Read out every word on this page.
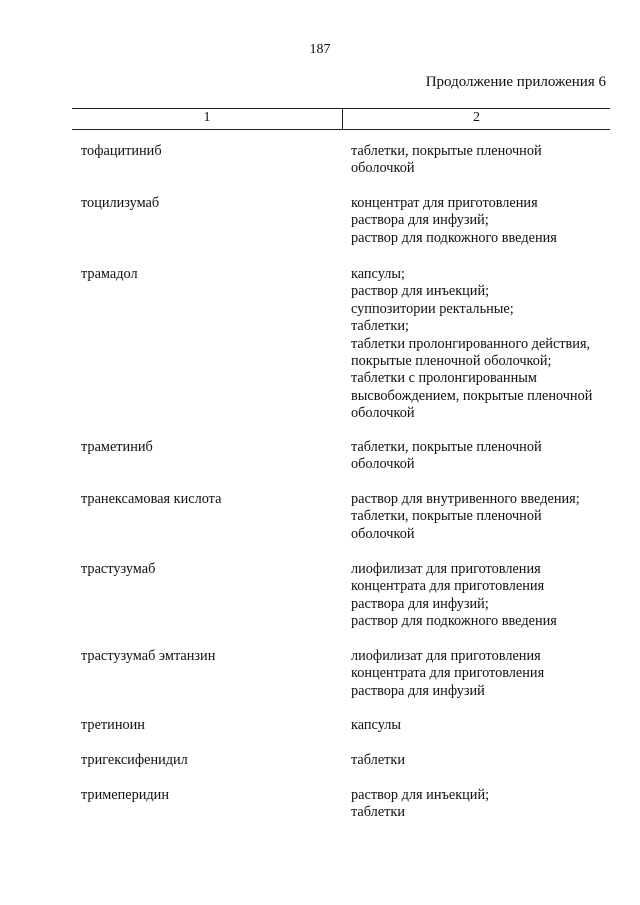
187
Продолжение приложения 6
1	2
тофацитиниб	таблетки, покрытые пленочной
оболочкой
тоцилизумаб	концентрат для приготовления
раствора для инфузий;
раствор для подкожного введения
трамадол	капсулы;
раствор для инъекций;
суппозитории ректальные;
таблетки;
таблетки пролонгированного действия,
покрытые пленочной оболочкой;
таблетки с пролонгированным
высвобождением, покрытые пленочной
оболочкой
траметиниб	таблетки, покрытые пленочной
оболочкой
транексамовая кислота	раствор для внутривенного введения;
таблетки, покрытые пленочной
оболочкой
трастузумаб	лиофилизат для приготовления
концентрата для приготовления
раствора для инфузий;
раствор для подкожного введения
трастузумаб эмтанзин	лиофилизат для приготовления
концентрата для приготовления
раствора для инфузий
третиноин	капсулы
тригексифенидил	таблетки
тримеперидин	раствор для инъекций;
таблетки
